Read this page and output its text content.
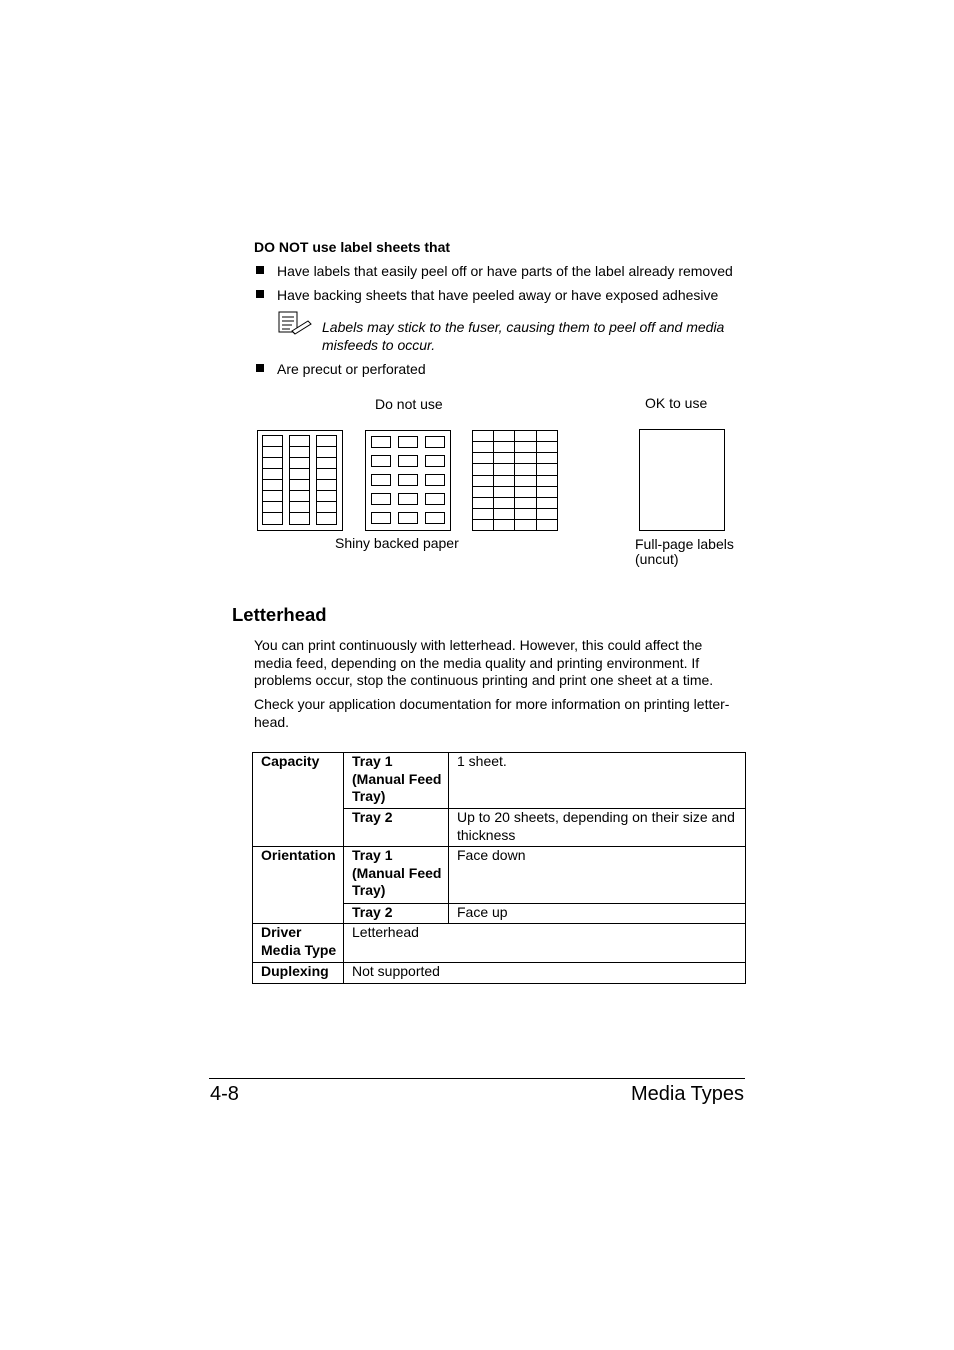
DO NOT use label sheets that
Have labels that easily peel off or have parts of the label already removed
Have backing sheets that have peeled away or have exposed adhesive
Labels may stick to the fuser, causing them to peel off and media
misfeeds to occur.
Are precut or perforated
Do not use	OK to use
Shiny backed paper	Full-page labels
(uncut)
Letterhead
You can print continuously with letterhead. However, this could affect the
media feed, depending on the media quality and printing environment. If
problems occur, stop the continuous printing and print one sheet at a time.
Check your application documentation for more information on printing letter-
head.
Capacity	Tray 1
(Manual Feed
Tray)	1 sheet.
	Tray 2	Up to 20 sheets, depending on their size and
thickness

Orientation	Tray 1
(Manual Feed
Tray)	Face down
	Tray 2	Face up

Driver
Media Type	Letterhead	
Duplexing	Not supported	
4-8	Media Types
